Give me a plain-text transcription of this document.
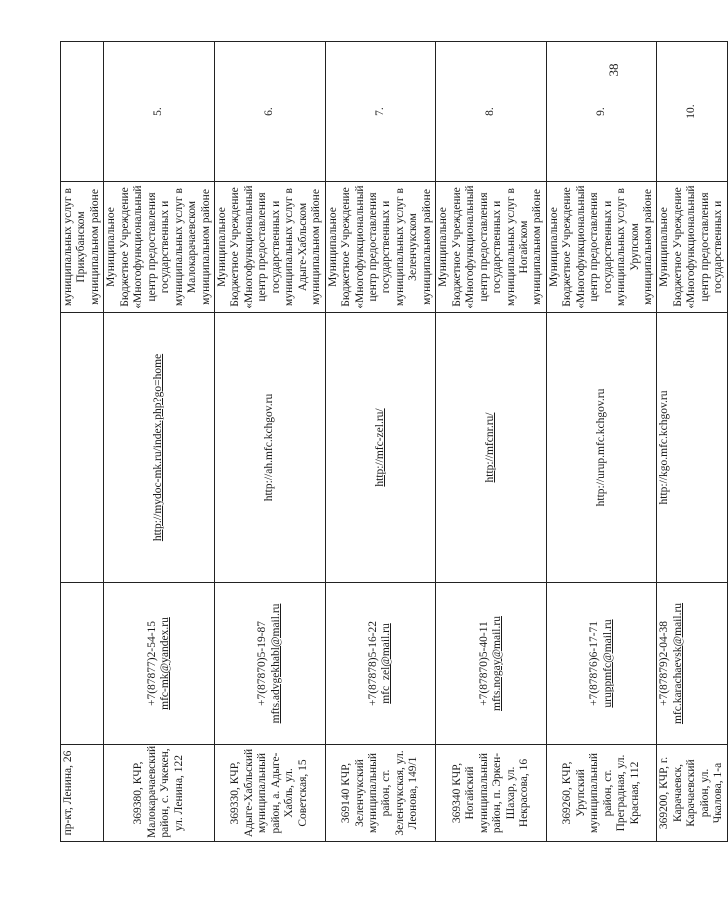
38
пр-кт, Ленина, 26			муниципальных услуг в Прикубанском муниципальном районе	
369380, КЧР, Малокарачаевский район, с. Учкекен, ул. Ленина, 122	+7(87877)2-54-15 mfc-mk@yandex.ru	http://mydoc-mk.ru/index.php?go=home	Муниципальное Бюджетное Учреждение «Многофункциональный центр предоставления государственных и муниципальных услуг в Малокарачаевском муниципальном районе	5.
369330, КЧР, Адыге-Хабльский муниципальный район, а. Адыге-Хабль, ул. Советская, 15	+7(87870)5-19-87 mfts.advgekhabl@mail.ru	http://ah.mfc.kchgov.ru	Муниципальное Бюджетное Учреждение «Многофункциональный центр предоставления государственных и муниципальных услуг в Адыге-Хабльском муниципальном районе	6.
369140 КЧР, Зеленчукский муниципальный район, ст. Зеленчукская, ул. Леонова, 149/1	+7(87878)5-16-22 mfc_zel@mail.ru	http://mfc-zel.ru/	Муниципальное Бюджетное Учреждение «Многофункциональный центр предоставления государственных и муниципальных услуг в Зеленчукском муниципальном районе	7.
369340 КЧР, Ногайский муниципальный район, п. Эркен-Шахар, ул. Некрасова, 16	+7(87870)5-40-11 mfts.nogay@mail.ru	http://mfcnr.ru/	Муниципальное Бюджетное Учреждение «Многофункциональный центр предоставления государственных и муниципальных услуг в Ногайском муниципальном районе	8.
369260, КЧР, Урупский муниципальный район, ст. Преградная, ул. Красная, 112	+7(87876)6-17-71 uruppmfc@mail.ru	http://urup.mfc.kchgov.ru	Муниципальное Бюджетное Учреждение «Многофункциональный центр предоставления государственных и муниципальных услуг в Урупском муниципальном районе	9.
369200, КЧР, г. Карачаевск, Карачаевский район, ул. Чкалова, 1-а	+7(87879)2-04-38 mfc.karachaevsk@mail.ru	http://kgo.mfc.kchgov.ru	Муниципальное Бюджетное Учреждение «Многофункциональный центр предоставления государственных и	10.
